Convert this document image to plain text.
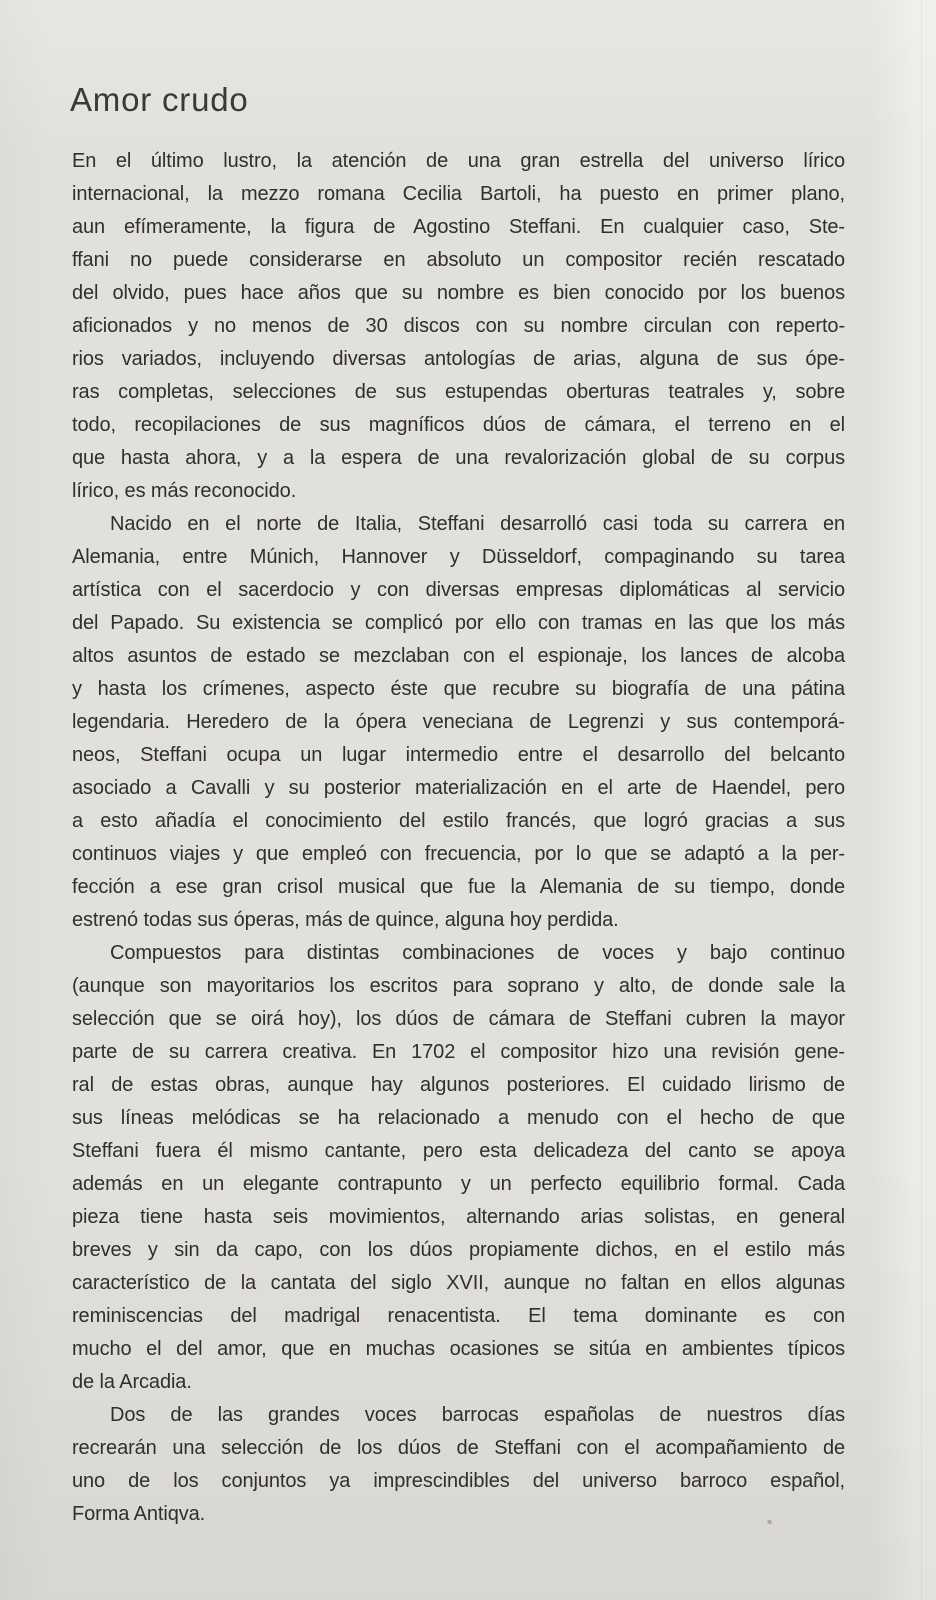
Amor crudo
En el último lustro, la atención de una gran estrella del universo lírico
internacional, la mezzo romana Cecilia Bartoli, ha puesto en primer plano,
aun efímeramente, la figura de Agostino Steffani. En cualquier caso, Ste-
ffani no puede considerarse en absoluto un compositor recién rescatado
del olvido, pues hace años que su nombre es bien conocido por los buenos
aficionados y no menos de 30 discos con su nombre circulan con reperto-
rios variados, incluyendo diversas antologías de arias, alguna de sus ópe-
ras completas, selecciones de sus estupendas oberturas teatrales y, sobre
todo, recopilaciones de sus magníficos dúos de cámara, el terreno en el
que hasta ahora, y a la espera de una revalorización global de su corpus
lírico, es más reconocido.
Nacido en el norte de Italia, Steffani desarrolló casi toda su carrera en
Alemania, entre Múnich, Hannover y Düsseldorf, compaginando su tarea
artística con el sacerdocio y con diversas empresas diplomáticas al servicio
del Papado. Su existencia se complicó por ello con tramas en las que los más
altos asuntos de estado se mezclaban con el espionaje, los lances de alcoba
y hasta los crímenes, aspecto éste que recubre su biografía de una pátina
legendaria. Heredero de la ópera veneciana de Legrenzi y sus contemporá-
neos, Steffani ocupa un lugar intermedio entre el desarrollo del belcanto
asociado a Cavalli y su posterior materialización en el arte de Haendel, pero
a esto añadía el conocimiento del estilo francés, que logró gracias a sus
continuos viajes y que empleó con frecuencia, por lo que se adaptó a la per-
fección a ese gran crisol musical que fue la Alemania de su tiempo, donde
estrenó todas sus óperas, más de quince, alguna hoy perdida.
Compuestos para distintas combinaciones de voces y bajo continuo
(aunque son mayoritarios los escritos para soprano y alto, de donde sale la
selección que se oirá hoy), los dúos de cámara de Steffani cubren la mayor
parte de su carrera creativa. En 1702 el compositor hizo una revisión gene-
ral de estas obras, aunque hay algunos posteriores. El cuidado lirismo de
sus líneas melódicas se ha relacionado a menudo con el hecho de que
Steffani fuera él mismo cantante, pero esta delicadeza del canto se apoya
además en un elegante contrapunto y un perfecto equilibrio formal. Cada
pieza tiene hasta seis movimientos, alternando arias solistas, en general
breves y sin da capo, con los dúos propiamente dichos, en el estilo más
característico de la cantata del siglo XVII, aunque no faltan en ellos algunas
reminiscencias del madrigal renacentista. El tema dominante es con
mucho el del amor, que en muchas ocasiones se sitúa en ambientes típicos
de la Arcadia.
Dos de las grandes voces barrocas españolas de nuestros días
recrearán una selección de los dúos de Steffani con el acompañamiento de
uno de los conjuntos ya imprescindibles del universo barroco español,
Forma Antiqva.
